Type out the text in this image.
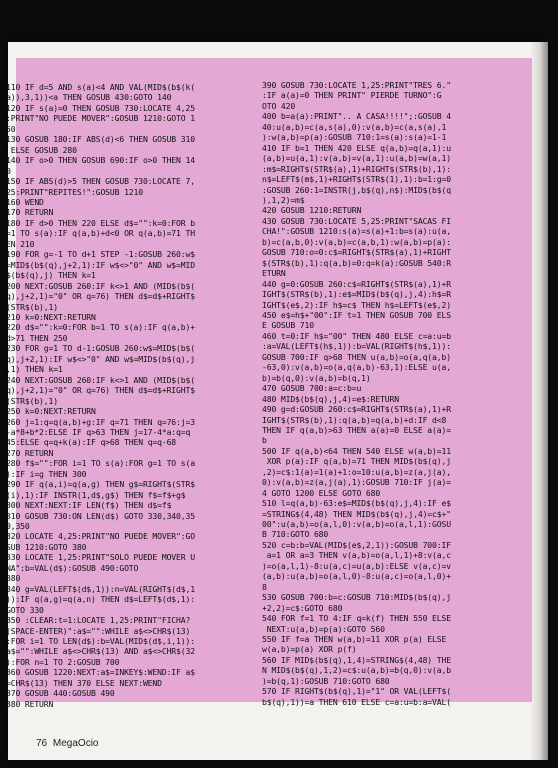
110 IF d=5 AND s(a)<4 AND VAL(MID$(b$(k(
a)),3,1))<a THEN GOSUB 430:GOTO 140
120 IF s(a)=0 THEN GOSUB 730:LOCATE 4,25
:PRINT"NO PUEDE MOVER":GOSUB 1210:GOTO 1
50
130 GOSUB 180:IF ABS(d)<6 THEN GOSUB 310
ELSE GOSUB 280
140 IF o>0 THEN GOSUB 690:IF o>0 THEN 14
0
150 IF ABS(d)>5 THEN GOSUB 730:LOCATE 7,
25:PRINT"REPITES!":GOSUB 1210
160 WEND
170 RETURN
180 IF d>0 THEN 220 ELSE d$="":k=0:FOR b
=1 TO s(a):IF q(a,b)+d<0 OR q(a,b)=71 TH
EN 210
190 FOR g=-1 TO d+1 STEP -1:GOSUB 260:w$
=MID$(b$(q),j+2,1):IF w$<>"0" AND w$=MID
$(b$(q),j) THEN k=1
200 NEXT:GOSUB 260:IF k<>1 AND (MID$(b$(
q),j+2,1)="0" OR q=76) THEN d$=d$+RIGHT$
(STR$(b),1)
210 k=0:NEXT:RETURN
220 d$="":k=0:FOR b=1 TO s(a):IF q(a,b)+
d>71 THEN 250
230 FOR g=1 TO d-1:GOSUB 260:w$=MID$(b$(
q),j+2,1):IF w$<>"0" AND w$=MID$(b$(q),j
,1) THEN k=1
240 NEXT:GOSUB 260:IF k<>1 AND (MID$(b$(
q),j+2,1)="0" OR q=76) THEN d$=d$+RIGHT$
(STR$(b),1)
250 k=0:NEXT:RETURN
260 j=1:q=q(a,b)+g:IF q=71 THEN q=76:j=3
-a*8+b*2:ELSE IF q>63 THEN j=17-4*a:q=q
45:ELSE q=q+k(a):IF q>68 THEN q=q-68
270 RETURN
280 f$="":FOR i=1 TO s(a):FOR g=1 TO s(a
):IF i=g THEN 300
290 IF q(a,i)=q(a,g) THEN g$=RIGHT$(STR$
(i),1):IF INSTR(1,d$,g$) THEN f$=f$+g$
300 NEXT:NEXT:IF LEN(f$) THEN d$=f$
310 GOSUB 730:ON LEN(d$) GOTO 330,340,35
0,350
320 LOCATE 4,25:PRINT"NO PUEDE MOVER":GO
SUB 1210:GOTO 380
330 LOCATE 1,25:PRINT"SOLO PUEDE MOVER U
NA":b=VAL(d$):GOSUB 490:GOTO
380
340 g=VAL(LEFT$(d$,1)):n=VAL(RIGHT$(d$,1
)):IF q(a,g)=q(a,n) THEN d$=LEFT$(d$,1):
GOTO 330
350 :CLEAR:t=1:LOCATE 1,25:PRINT"FICHA?
(SPACE-ENTER)":a$="":WHILE a$<>CHR$(13)
:FOR i=1 TO LEN(d$):b=VAL(MID$(d$,i,1)):
a$="":WHILE a$<>CHR$(13) AND a$<>CHR$(32
):FOR n=1 TO 2:GOSUB 700
360 GOSUB 1220:NEXT:a$=INKEY$:WEND:IF a$
=CHR$(13) THEN 370 ELSE NEXT:WEND
370 GOSUB 440:GOSUB 490
380 RETURN
390 GOSUB 730:LOCATE 1,25:PRINT"TRES 6."
:IF a(a)=0 THEN PRINT" PIERDE TURNO":G
OTO 420
400 b=a(a):PRINT".. A CASA!!!!";:GOSUB 4
40:u(a,b)=c(a,s(a),0):v(a,b)=c(a,s(a),1
):w(a,b)=p(a):GOSUB 710:1=s(a):s(a)=1-1
410 IF b=1 THEN 420 ELSE q(a,b)=q(a,1):u
(a,b)=u(a,1):v(a,b)=v(a,1):u(a,b)=w(a,1)
:m$=RIGHT$(STR$(a),1)+RIGHT$(STR$(b),1):
n$=LEFT$(m$,1)+RIGHT$(STR$(1),1):b=1:g=0
:GOSUB 260:1=INSTR(j,b$(q),n$):MID$(b$(q
),1,2)=m$
420 GOSUB 1210:RETURN
430 GOSUB 730:LOCATE 5,25:PRINT"SACAS FI
CHA!":GOSUB 1210:s(a)=s(a)+1:b=s(a):u(a,
b)=c(a,b,0):v(a,b)=c(a,b,1):w(a,b)=p(a):
GOSUB 710:o=0:c$=RIGHT$(STR$(a),1)+RIGHT
$(STR$(b),1):q(a,b)=0:q=k(a):GOSUB 540:R
ETURN
440 g=0:GOSUB 260:c$=RIGHT$(STR$(a),1)+R
IGHT$(STR$(b),1):e$=MID$(b$(q),j,4):h$=R
IGHT$(e$,2):IF h$=c$ THEN h$=LEFT$(e$,2)
450 e$=h$+"00":IF t=1 THEN GOSUB 700 ELS
E GOSUB 710
460 t=0:IF h$="00" THEN 480 ELSE c=a:u=b
:a=VAL(LEFT$(h$,1)):b=VAL(RIGHT$(h$,1)):
GOSUB 700:IF q>68 THEN u(a,b)=o(a,q(a,b)
-63,0):v(a,b)=o(a,q(a,b)-63,1):ELSE u(a,
b)=b(q,0):v(a,b)=b(q,1)
470 GOSUB 700:a=c:b=u
480 MID$(b$(q),j,4)=e$:RETURN
490 g=d:GOSUB 260:c$=RIGHT$(STR$(a),1)+R
IGHT$(STR$(b),1):q(a,b)=q(a,b)+d:IF d<8
THEN IF q(a,b)>63 THEN a(a)=0 ELSE a(a)=
b
500 IF q(a,b)<64 THEN 540 ELSE w(a,b)=11
XOR p(a):IF q(a,b)=71 THEN MID$(b$(q),j
,2)=c$:1(a)=1(a)+1:o=10:u(a,b)=z(a,j(a),
0):v(a,b)=z(a,j(a),1):GOSUB 710:IF j(a)=
4 GOTO 1200 ELSE GOTO 680
510 l=q(a,b)-63:e$=MID$(b$(q),j,4):IF e$
=STRING$(4,48) THEN MID$(b$(q),j,4)=c$+"
00":u(a,b)=o(a,l,0):v(a,b)=o(a,l,1):GOSU
B 710:GOTO 680
520 c=b:b=VAL(MID$(e$,2,1)):GOSUB 700:IF
a=1 OR a=3 THEN v(a,b)=o(a,l,1)+8:v(a,c
)=o(a,l,1)-8:u(a,c)=u(a,b):ELSE v(a,c)=v
(a,b):u(a,b)=o(a,l,0)-8:u(a,c)=o(a,l,0)+
8
530 GOSUB 700:b=c:GOSUB 710:MID$(b$(q),j
+2,2)=c$:GOTO 680
540 FOR f=1 TO 4:IF q=k(f) THEN 550 ELSE
NEXT:u(a,b)=p(a):GOTO 560
550 IF f=a THEN w(a,b)=11 XOR p(a) ELSE
w(a,b)=p(a) XOR p(f)
560 IF MID$(b$(q),1,4)=STRING$(4,48) THE
N MID$(b$(q),1,2)=c$:u(a,b)=b(q,0):v(a,b
)=b(q,1):GOSUB 710:GOTO 680
570 IF RIGHT$(b$(q),1)="1" OR VAL(LEFT$(
b$(q),1))=a THEN 610 ELSE c=a:u=b:a=VAL(
76 MegaOcio
